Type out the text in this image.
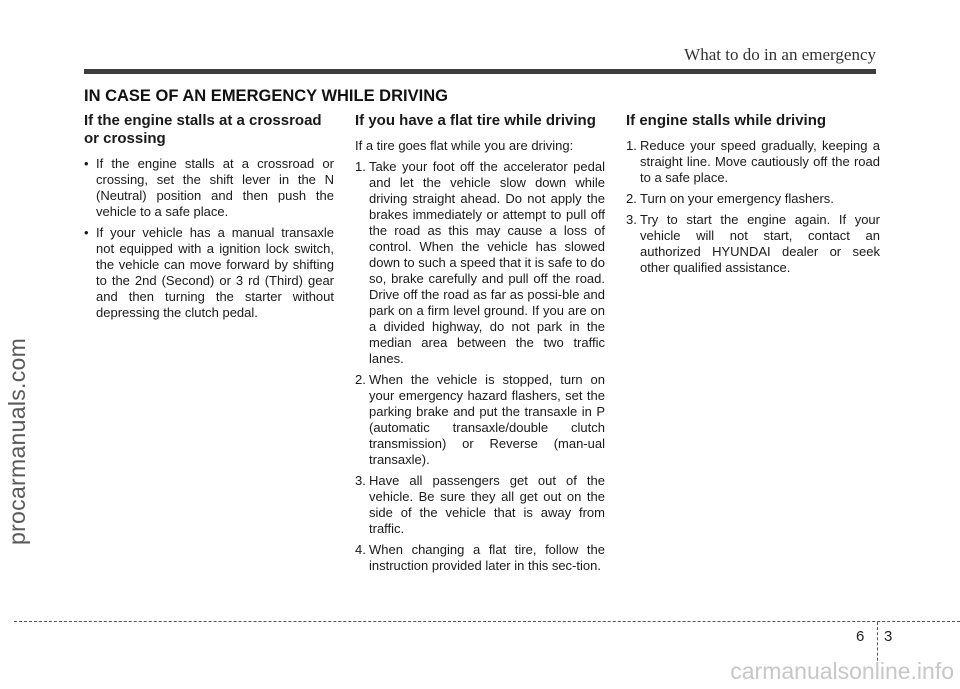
What to do in an emergency
IN CASE OF AN EMERGENCY WHILE DRIVING
If the engine stalls at a crossroad or crossing
• If the engine stalls at a crossroad or crossing, set the shift lever in the N (Neutral) position and then push the vehicle to a safe place.
• If your vehicle has a manual transaxle not equipped with a ignition lock switch, the vehicle can move forward by shifting to the 2nd (Second) or 3 rd (Third) gear and then turning the starter without depressing the clutch pedal.
If you have a flat tire while driving

If a tire goes flat while you are driving:

1. Take your foot off the accelerator pedal and let the vehicle slow down while driving straight ahead. Do not apply the brakes immediately or attempt to pull off the road as this may cause a loss of control. When the vehicle has slowed down to such a speed that it is safe to do so, brake carefully and pull off the road. Drive off the road as far as possi-ble and park on a firm level ground. If you are on a divided highway, do not park in the median area between the two traffic lanes.
2. When the vehicle is stopped, turn on your emergency hazard flashers, set the parking brake and put the transaxle in P (automatic transaxle/double clutch transmission) or Reverse (man-ual transaxle).
3. Have all passengers get out of the vehicle. Be sure they all get out on the side of the vehicle that is away from traffic.
4. When changing a flat tire, follow the instruction provided later in this sec-tion.
If engine stalls while driving
1. Reduce your speed gradually, keeping a straight line. Move cautiously off the road to a safe place.
2. Turn on your emergency flashers.
3. Try to start the engine again. If your vehicle will not start, contact an authorized HYUNDAI dealer or seek other qualified assistance.
6 3
procarmanuals.com
carmanualsonline.info
